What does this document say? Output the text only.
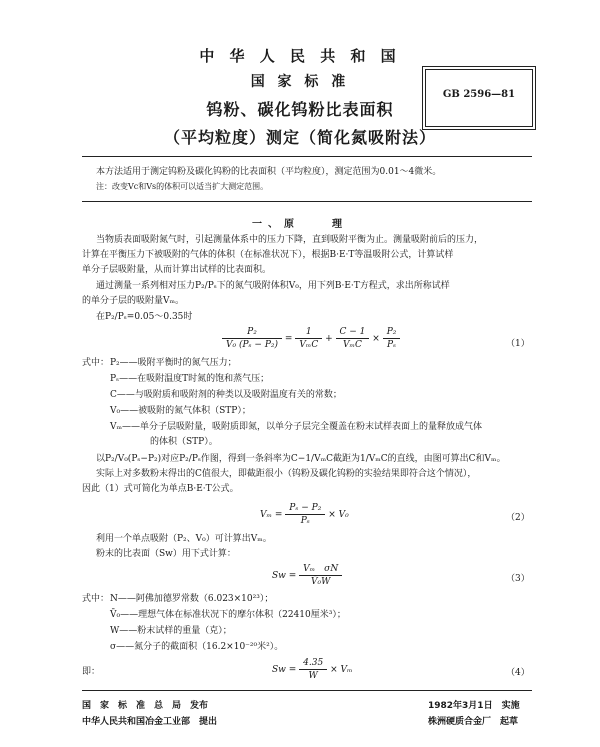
中 华 人 民 共 和 国
国 家 标 准
钨粉、碳化钨粉比表面积
（平均粒度）测定（简化氮吸附法）
GB 2596—81
本方法适用于测定钨粉及碳化钨粉的比表面积（平均粒度），测定范围为0.01～4微米。
注：改变Vc和Vs的体积可以适当扩大测定范围。
一、原　　理
当物质表面吸附氮气时，引起测量体系中的压力下降，直到吸附平衡为止。测量吸附前后的压力，
计算在平衡压力下被吸附的气体的体积（在标准状况下），根据B·E·T等温吸附公式，计算试样
单分子层吸附量，从而计算出试样的比表面积。
通过测量一系列相对压力P₂/Pₛ下的氮气吸附体积V₀，用下列B·E·T方程式，求出所称试样
的单分子层的吸附量Vₘ。
在P₂/Pₛ=0.05～0.35时
$\frac{\text{P₂}}{\text{V₀ (Pₛ − P₂)}} = \frac{1}{\text{VₘC}} + \frac{C - 1}{\text{VₘC}} \times \frac{\text{P₂}}{\text{Pₛ}}$	（1）
式中： P₂——吸附平衡时的氮气压力；
Pₛ——在吸附温度T时氮的饱和蒸气压；
C——与吸附质和吸附剂的种类以及吸附温度有关的常数；
V₀——被吸附的氮气体积（STP）；
Vₘ——单分子层吸附量，吸附质即氮，以单分子层完全覆盖在粉末试样表面上的量释放成气体
的体积（STP）。
以P₂/V₀(Pₛ−P₂)对应P₂/Pₛ作图，得到一条斜率为C−1/VₘC截距为1/VₘC的直线，由图可算出C和Vₘ。
实际上对多数粉末得出的C值很大，即截距很小（钨粉及碳化钨粉的实验结果即符合这个情况），
因此（1）式可简化为单点B·E·T公式。
$V_m = \frac{\text{Pₛ − P₂}}{\text{Pₛ}} \times V_0$	（2）
利用一个单点吸附（P₂、V₀）可计算出Vₘ。
粉末的比表面（Sw）用下式计算：
$Sw = \frac{\text{Vₘ　σN}}{\text{V̄₀W}}$	（3）
式中： N——阿佛加德罗常数（6.023×10²³）；
V̄₀——理想气体在标准状况下的摩尔体积（22410厘米³）；
W——粉末试样的重量（克）；
σ——氮分子的截面积（16.2×10⁻²⁰米²）。
即：	$Sw = \frac{4.35}{W} \times V_m$	（4）
国　家　标　准　总　局　发布	1982年3月1日　实施
中华人民共和国冶金工业部　提出	株洲硬质合金厂　起草
